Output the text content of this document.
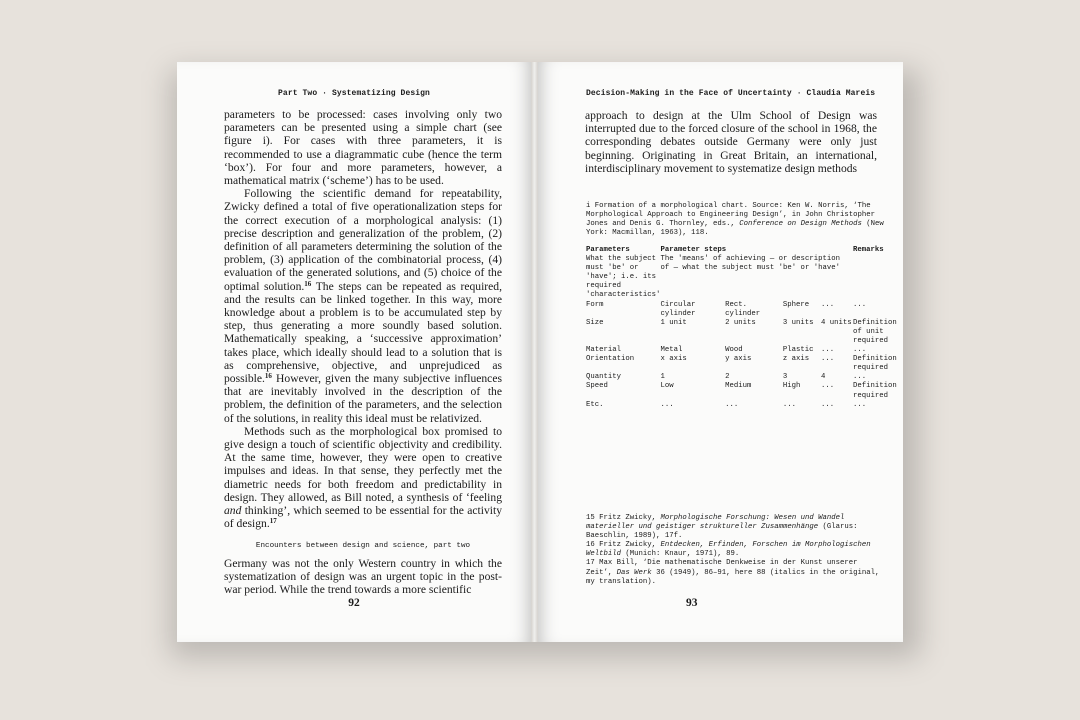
Part Two · Systematizing Design

parameters to be processed: cases involving only two parameters can be presented using a simple chart (see figure i). For cases with three parameters, it is recommended to use a diagrammatic cube (hence the term ‘box’). For four and more parameters, however, a mathematical matrix (‘scheme’) has to be used.

Following the scientific demand for repeatability, Zwicky defined a total of five operationalization steps for the correct execution of a morphological analysis: (1) precise description and generalization of the problem, (2) definition of all parameters determining the solution of the problem, (3) application of the combinatorial process, (4) evaluation of the generated solutions, and (5) choice of the optimal solution.$^{16}$ The steps can be repeated as required, and the results can be linked together. In this way, more knowledge about a problem is to be accumulated step by step, thus generating a more soundly based solution. Mathematically speaking, a ‘successive approximation’ takes place, which ideally should lead to a solution that is as comprehensive, objective, and unprejudiced as possible.$^{16}$ However, given the many subjective influences that are inevitably involved in the description of the problem, the definition of the parameters, and the selection of the solutions, in reality this ideal must be relativized.

Methods such as the morphological box promised to give design a touch of scientific objectivity and credibility. At the same time, however, they were open to creative impulses and ideas. In that sense, they perfectly met the diametric needs for both freedom and predictability in design. They allowed, as Bill noted, a synthesis of ‘feeling and thinking’, which seemed to be essential for the activity of design.$^{17}$

Encounters between design and science, part two

Germany was not the only Western country in which the systematization of design was an urgent topic in the post-war period. While the trend towards a more scientific

92
Decision-Making in the Face of Uncertainty · Claudia Mareis

approach to design at the Ulm School of Design was interrupted due to the forced closure of the school in 1968, the corresponding debates outside Germany were only just beginning. Originating in Great Britain, an international, interdisciplinary movement to systematize design methods

i Formation of a morphological chart. Source: Ken W. Norris, ‘The Morphological Approach to Engineering Design’, in John Christopher Jones and Denis G. Thornley, eds., Conference on Design Methods (New York: Macmillan, 1963), 118.
Parameters	Parameter steps				Remarks
What the subject must 'be' or 'have'; i.e. its required 'characteristics'	The 'means' of achieving — or description of — what the subject must 'be' or 'have'				
Form	Circular cylinder	Rect. cylinder	Sphere	...	...
Size	1 unit	2 units	3 units	4 units	Definition of unit required
Material	Metal	Wood	Plastic	...	...
Orientation	x axis	y axis	z axis	...	Definition required
Quantity	1	2	3	4	...
Speed	Low	Medium	High	...	Definition required
Etc.	...	...	...	...	...
15 Fritz Zwicky, Morphologische Forschung: Wesen und Wandel materieller und geistiger struktureller Zusammenhänge (Glarus: Baeschlin, 1989), 17f.
16 Fritz Zwicky, Entdecken, Erfinden, Forschen im Morphologischen Weltbild (Munich: Knaur, 1971), 89.
17 Max Bill, ‘Die mathematische Denkweise in der Kunst unserer Zeit’, Das Werk 36 (1949), 86–91, here 88 (italics in the original, my translation).
93
